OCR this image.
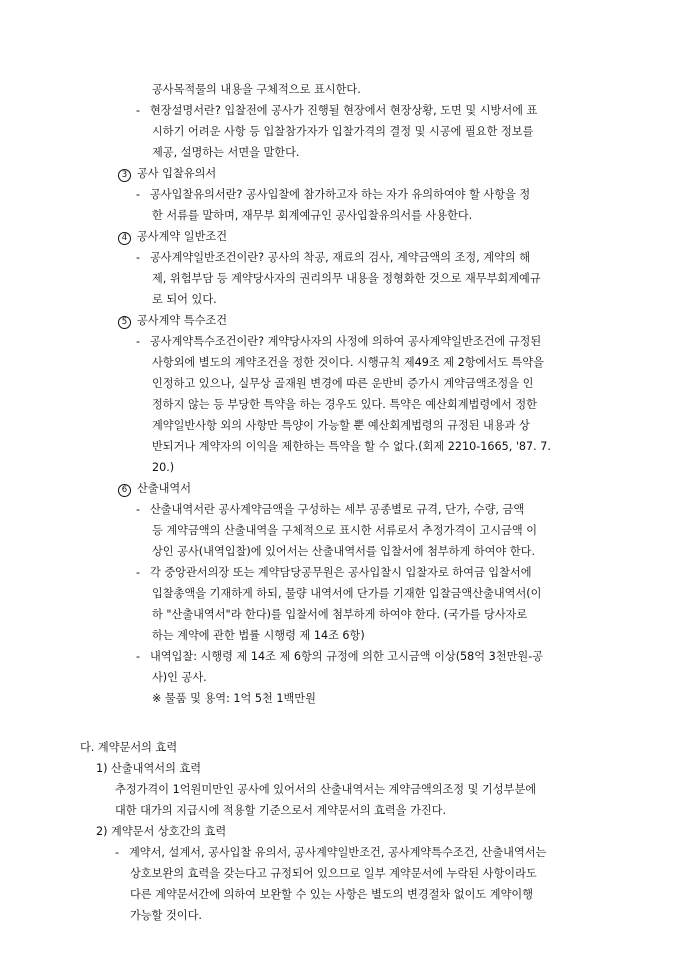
공사목적물의 내용을 구체적으로 표시한다.
- 현장설명서란? 입찰전에 공사가 진행될 현장에서 현장상황, 도면 및 시방서에 표
시하기 어려운 사항 등 입찰참가자가 입찰가격의 결정 및 시공에 필요한 정보를
제공, 설명하는 서면을 말한다.
3 공사 입찰유의서
- 공사입찰유의서란? 공사입찰에 참가하고자 하는 자가 유의하여야 할 사항을 정
한 서류를 말하며, 재무부 회계예규인 공사입찰유의서를 사용한다.
4 공사계약 일반조건
- 공사계약일반조건이란? 공사의 착공, 재료의 검사, 계약금액의 조정, 계약의 해
제, 위험부담 등 계약당사자의 권리의무 내용을 정형화한 것으로 재무부회계예규
로 되어 있다.
5 공사계약 특수조건
- 공사계약특수조건이란? 계약당사자의 사정에 의하여 공사계약일반조건에 규정된
사항외에 별도의 계약조건을 정한 것이다. 시행규칙 제49조 제 2항에서도 특약을
인정하고 있으나, 실무상 골재원 변경에 따른 운반비 증가시 계약금액조정을 인
정하지 않는 등 부당한 특약을 하는 경우도 있다. 특약은 예산회계법령에서 정한
계약일반사항 외의 사항만 특양이 가능할 뿐 예산회계법령의 규정된 내용과 상
반되거나 계약자의 이익을 제한하는 특약을 할 수 없다.(회제 2210-1665, '87. 7.
20.)
6 산출내역서
- 산출내역서란 공사계약금액을 구성하는 세부 공종별로 규격, 단가, 수량, 금액
등 계약금액의 산출내역을 구체적으로 표시한 서류로서 추정가격이 고시금액 이
상인 공사(내역입찰)에 있어서는 산출내역서를 입찰서에 첨부하게 하여야 한다.
- 각 중앙관서의장 또는 계약담당공무원은 공사입찰시 입찰자로 하여금 입찰서에
입찰총액을 기재하게 하되, 물량 내역서에 단가를 기재한 입찰금액산출내역서(이
하 "산출내역서"라 한다)를 입찰서에 첨부하게 하여야 한다. (국가를 당사자로
하는 계약에 관한 법률 시행령 제 14조 6항)
- 내역입찰: 시행령 제 14조 제 6항의 규정에 의한 고시금액 이상(58억 3천만원-공
사)인 공사.
※ 물품 및 용역: 1억 5천 1백만원
다. 계약문서의 효력
1) 산출내역서의 효력
추정가격이 1억원미만인 공사에 있어서의 산출내역서는 계약금액의조정 및 기성부분에
대한 대가의 지급시에 적용할 기준으로서 계약문서의 효력을 가진다.
2) 계약문서 상호간의 효력
- 계약서, 설계서, 공사입찰 유의서, 공사계약일반조건, 공사계약특수조건, 산출내역서는
상호보완의 효력을 갖는다고 규정되어 있으므로 일부 계약문서에 누락된 사항이라도
다른 계약문서간에 의하여 보완할 수 있는 사항은 별도의 변경절차 없이도 계약이행
가능할 것이다.
